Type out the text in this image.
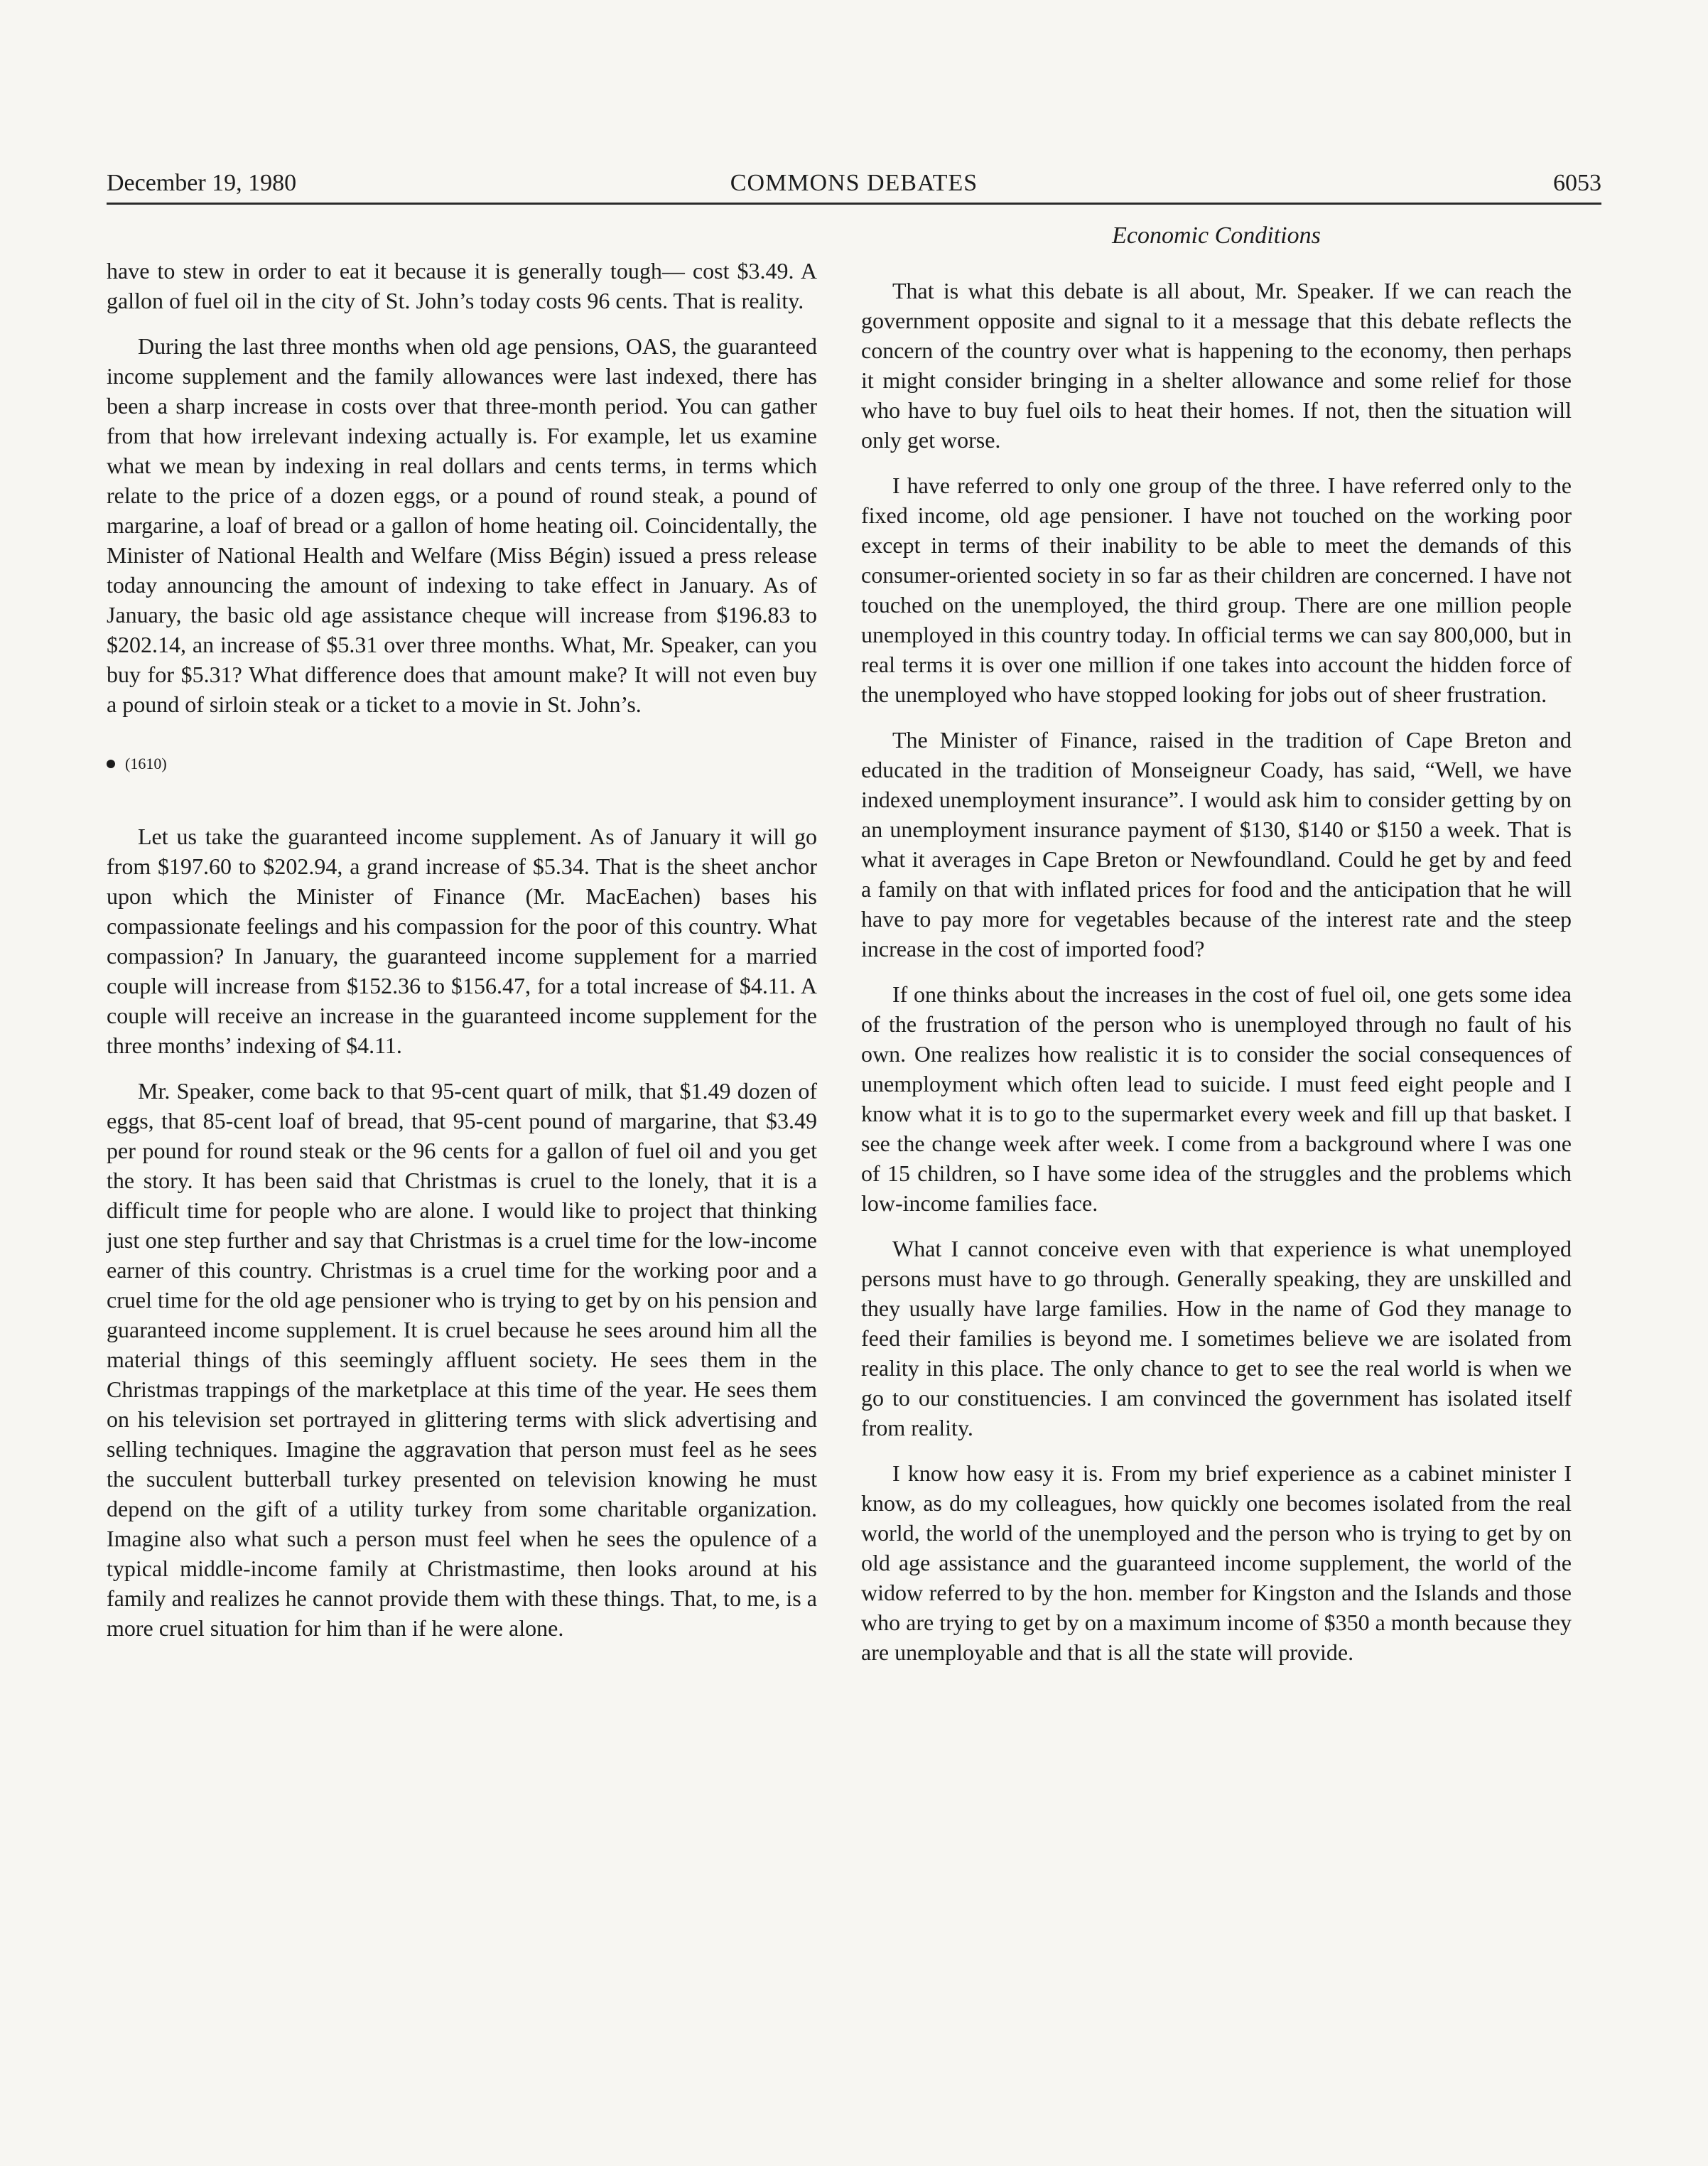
December 19, 1980	COMMONS DEBATES	6053
Economic Conditions

have to stew in order to eat it because it is generally tough— cost $3.49. A gallon of fuel oil in the city of St. John’s today costs 96 cents. That is reality.

During the last three months when old age pensions, OAS, the guaranteed income supplement and the family allowances were last indexed, there has been a sharp increase in costs over that three-month period. You can gather from that how irrelevant indexing actually is. For example, let us examine what we mean by indexing in real dollars and cents terms, in terms which relate to the price of a dozen eggs, or a pound of round steak, a pound of margarine, a loaf of bread or a gallon of home heating oil. Coincidentally, the Minister of National Health and Welfare (Miss Bégin) issued a press release today announcing the amount of indexing to take effect in January. As of January, the basic old age assistance cheque will increase from $196.83 to $202.14, an increase of $5.31 over three months. What, Mr. Speaker, can you buy for $5.31? What difference does that amount make? It will not even buy a pound of sirloin steak or a ticket to a movie in St. John’s.

(1610)

Let us take the guaranteed income supplement. As of January it will go from $197.60 to $202.94, a grand increase of $5.34. That is the sheet anchor upon which the Minister of Finance (Mr. MacEachen) bases his compassionate feelings and his compassion for the poor of this country. What compassion? In January, the guaranteed income supplement for a married couple will increase from $152.36 to $156.47, for a total increase of $4.11. A couple will receive an increase in the guaranteed income supplement for the three months’ indexing of $4.11.

Mr. Speaker, come back to that 95-cent quart of milk, that $1.49 dozen of eggs, that 85-cent loaf of bread, that 95-cent pound of margarine, that $3.49 per pound for round steak or the 96 cents for a gallon of fuel oil and you get the story. It has been said that Christmas is cruel to the lonely, that it is a difficult time for people who are alone. I would like to project that thinking just one step further and say that Christmas is a cruel time for the low-income earner of this country. Christmas is a cruel time for the working poor and a cruel time for the old age pensioner who is trying to get by on his pension and guaranteed income supplement. It is cruel because he sees around him all the material things of this seemingly affluent society. He sees them in the Christmas trappings of the marketplace at this time of the year. He sees them on his television set portrayed in glittering terms with slick advertising and selling techniques. Imagine the aggravation that person must feel as he sees the succulent butterball turkey presented on television knowing he must depend on the gift of a utility turkey from some charitable organization. Imagine also what such a person must feel when he sees the opulence of a typical middle-income family at Christmastime, then looks around at his family and realizes he cannot provide them with these things. That, to me, is a more cruel situation for him than if he were alone.

That is what this debate is all about, Mr. Speaker. If we can reach the government opposite and signal to it a message that this debate reflects the concern of the country over what is happening to the economy, then perhaps it might consider bringing in a shelter allowance and some relief for those who have to buy fuel oils to heat their homes. If not, then the situation will only get worse.

I have referred to only one group of the three. I have referred only to the fixed income, old age pensioner. I have not touched on the working poor except in terms of their inability to be able to meet the demands of this consumer-oriented society in so far as their children are concerned. I have not touched on the unemployed, the third group. There are one million people unemployed in this country today. In official terms we can say 800,000, but in real terms it is over one million if one takes into account the hidden force of the unemployed who have stopped looking for jobs out of sheer frustration.

The Minister of Finance, raised in the tradition of Cape Breton and educated in the tradition of Monseigneur Coady, has said, “Well, we have indexed unemployment insurance”. I would ask him to consider getting by on an unemployment insurance payment of $130, $140 or $150 a week. That is what it averages in Cape Breton or Newfoundland. Could he get by and feed a family on that with inflated prices for food and the anticipation that he will have to pay more for vegetables because of the interest rate and the steep increase in the cost of imported food?

If one thinks about the increases in the cost of fuel oil, one gets some idea of the frustration of the person who is unemployed through no fault of his own. One realizes how realistic it is to consider the social consequences of unemployment which often lead to suicide. I must feed eight people and I know what it is to go to the supermarket every week and fill up that basket. I see the change week after week. I come from a background where I was one of 15 children, so I have some idea of the struggles and the problems which low-income families face.

What I cannot conceive even with that experience is what unemployed persons must have to go through. Generally speaking, they are unskilled and they usually have large families. How in the name of God they manage to feed their families is beyond me. I sometimes believe we are isolated from reality in this place. The only chance to get to see the real world is when we go to our constituencies. I am convinced the government has isolated itself from reality.

I know how easy it is. From my brief experience as a cabinet minister I know, as do my colleagues, how quickly one becomes isolated from the real world, the world of the unemployed and the person who is trying to get by on old age assistance and the guaranteed income supplement, the world of the widow referred to by the hon. member for Kingston and the Islands and those who are trying to get by on a maximum income of $350 a month because they are unemployable and that is all the state will provide.
